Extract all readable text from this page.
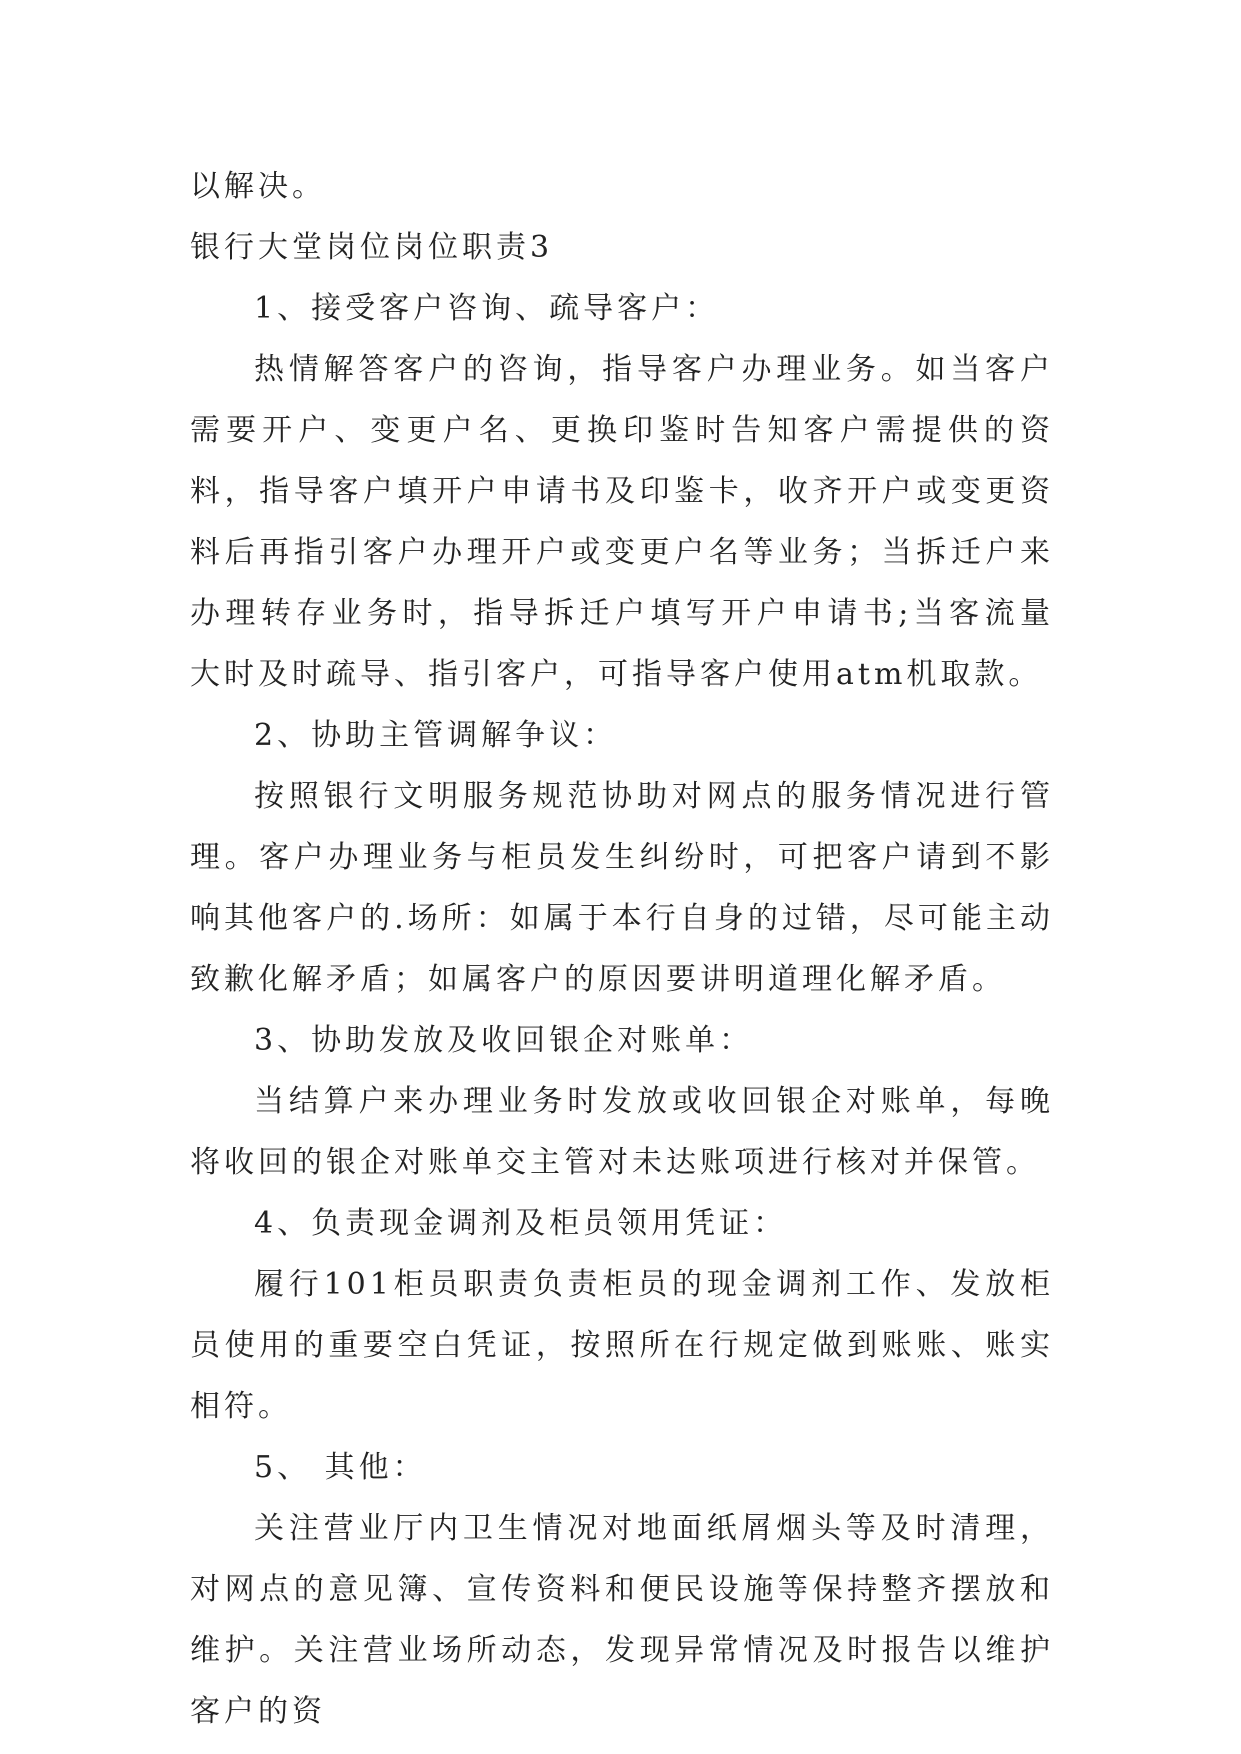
以解决。

银行大堂岗位岗位职责3

1、接受客户咨询、疏导客户：

热情解答客户的咨询，指导客户办理业务。如当客户需要开户、变更户名、更换印鉴时告知客户需提供的资料，指导客户填开户申请书及印鉴卡，收齐开户或变更资料后再指引客户办理开户或变更户名等业务；当拆迁户来办理转存业务时，指导拆迁户填写开户申请书;当客流量大时及时疏导、指引客户，可指导客户使用atm机取款。

2、协助主管调解争议：

按照银行文明服务规范协助对网点的服务情况进行管理。客户办理业务与柜员发生纠纷时，可把客户请到不影响其他客户的.场所：如属于本行自身的过错，尽可能主动致歉化解矛盾；如属客户的原因要讲明道理化解矛盾。

3、协助发放及收回银企对账单：

当结算户来办理业务时发放或收回银企对账单，每晚将收回的银企对账单交主管对未达账项进行核对并保管。

4、负责现金调剂及柜员领用凭证：

履行101柜员职责负责柜员的现金调剂工作、发放柜员使用的重要空白凭证，按照所在行规定做到账账、账实相符。

5、 其他：

关注营业厅内卫生情况对地面纸屑烟头等及时清理，对网点的意见簿、宣传资料和便民设施等保持整齐摆放和维护。关注营业场所动态，发现异常情况及时报告以维护客户的资
